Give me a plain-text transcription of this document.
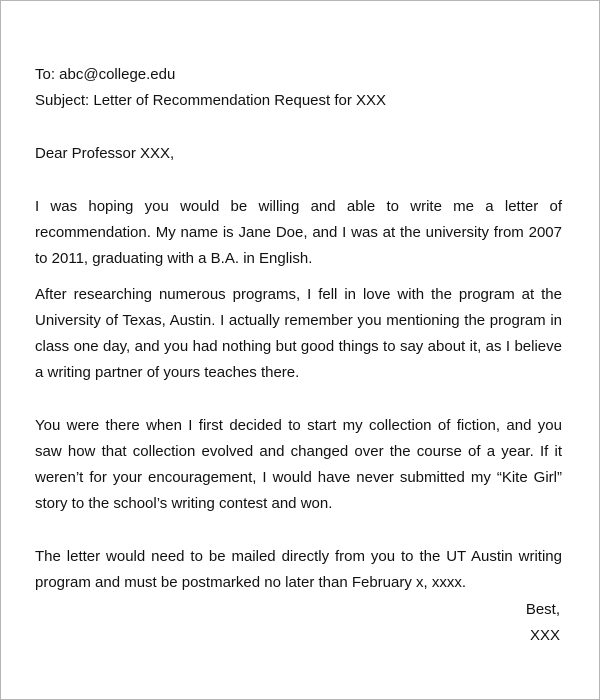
To: abc@college.edu
Subject: Letter of Recommendation Request for XXX
Dear Professor XXX,
I was hoping you would be willing and able to write me a letter of recommendation. My name is Jane Doe, and I was at the university from 2007 to 2011, graduating with a B.A. in English.
After researching numerous programs, I fell in love with the program at the University of Texas, Austin. I actually remember you mentioning the program in class one day, and you had nothing but good things to say about it, as I believe a writing partner of yours teaches there.
You were there when I first decided to start my collection of fiction, and you saw how that collection evolved and changed over the course of a year. If it weren’t for your encouragement, I would have never submitted my “Kite Girl” story to the school’s writing contest and won.
The letter would need to be mailed directly from you to the UT Austin writing program and must be postmarked no later than February x, xxxx.
Best,
XXX
